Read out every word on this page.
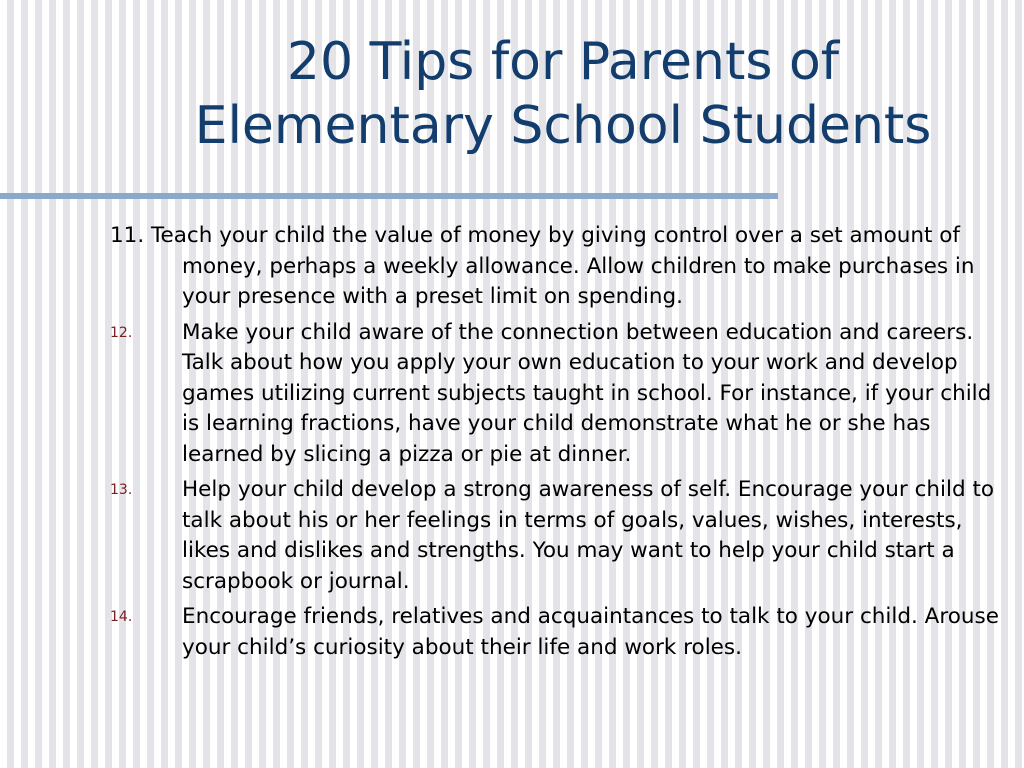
20 Tips for Parents of
Elementary School Students
11. Teach your child the value of money by giving control over a set amount of money, perhaps a weekly allowance. Allow children to make purchases in your presence with a preset limit on spending.
12. Make your child aware of the connection between education and careers. Talk about how you apply your own education to your work and develop games utilizing current subjects taught in school. For instance, if your child is learning fractions, have your child demonstrate what he or she has learned by slicing a pizza or pie at dinner.
13. Help your child develop a strong awareness of self. Encourage your child to talk about his or her feelings in terms of goals, values, wishes, interests, likes and dislikes and strengths. You may want to help your child start a scrapbook or journal.
14. Encourage friends, relatives and acquaintances to talk to your child. Arouse your child’s curiosity about their life and work roles.
